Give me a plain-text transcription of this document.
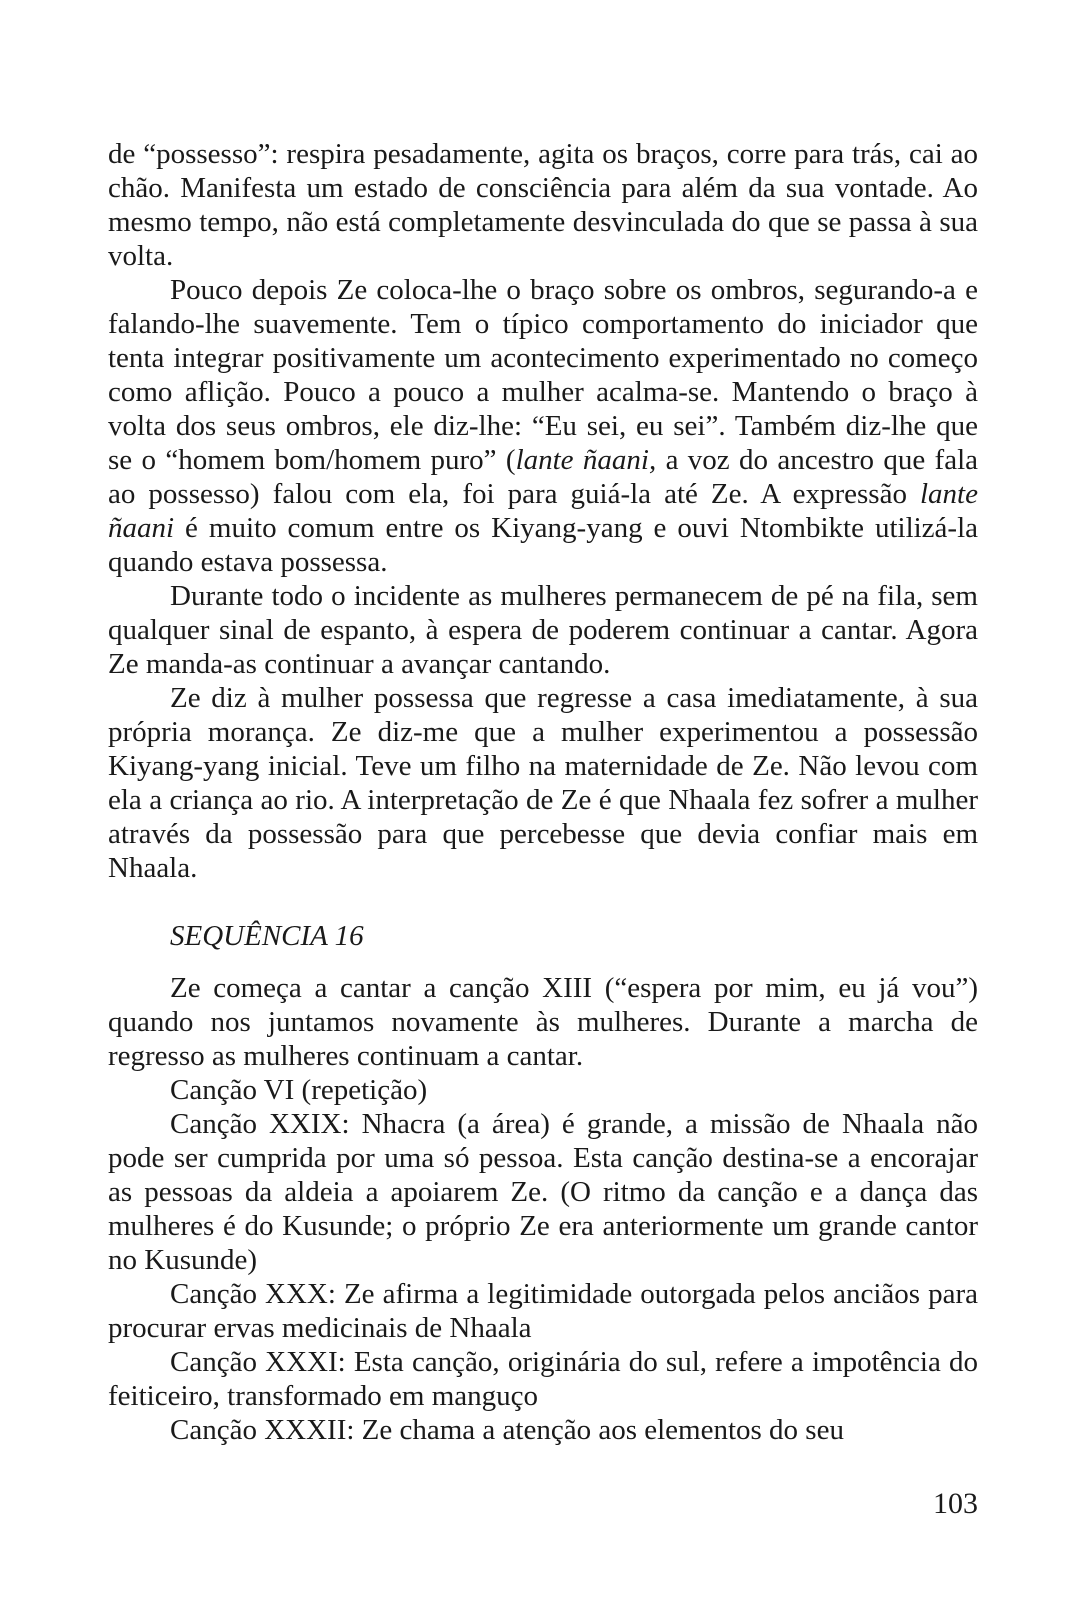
de “possesso”: respira pesadamente, agita os braços, corre para trás, cai ao chão. Manifesta um estado de consciência para além da sua vontade. Ao mesmo tempo, não está completamente desvinculada do que se passa à sua volta.

Pouco depois Ze coloca-lhe o braço sobre os ombros, segurando-a e falando-lhe suavemente. Tem o típico comportamento do iniciador que tenta integrar positivamente um acontecimento experimentado no começo como aflição. Pouco a pouco a mulher acalma-se. Mantendo o braço à volta dos seus ombros, ele diz-lhe: “Eu sei, eu sei”. Também diz-lhe que se o “homem bom/homem puro” (lante ñaani, a voz do ancestro que fala ao possesso) falou com ela, foi para guiá-la até Ze. A expressão lante ñaani é muito comum entre os Kiyang-yang e ouvi Ntombikte utilizá-la quando estava possessa.

Durante todo o incidente as mulheres permanecem de pé na fila, sem qualquer sinal de espanto, à espera de poderem continuar a cantar. Agora Ze manda-as continuar a avançar cantando.

Ze diz à mulher possessa que regresse a casa imediatamente, à sua própria morança. Ze diz-me que a mulher experimentou a possessão Kiyang-yang inicial. Teve um filho na maternidade de Ze. Não levou com ela a criança ao rio. A interpretação de Ze é que Nhaala fez sofrer a mulher através da possessão para que percebesse que devia confiar mais em Nhaala.

SEQUÊNCIA 16

Ze começa a cantar a canção XIII (“espera por mim, eu já vou”) quando nos juntamos novamente às mulheres. Durante a marcha de regresso as mulheres continuam a cantar.

Canção VI (repetição)

Canção XXIX: Nhacra (a área) é grande, a missão de Nhaala não pode ser cumprida por uma só pessoa. Esta canção destina-se a encorajar as pessoas da aldeia a apoiarem Ze. (O ritmo da canção e a dança das mulheres é do Kusunde; o próprio Ze era anteriormente um grande cantor no Kusunde)

Canção XXX: Ze afirma a legitimidade outorgada pelos anciãos para procurar ervas medicinais de Nhaala

Canção XXXI: Esta canção, originária do sul, refere a impotência do feiticeiro, transformado em manguço

Canção XXXII: Ze chama a atenção aos elementos do seu

103
